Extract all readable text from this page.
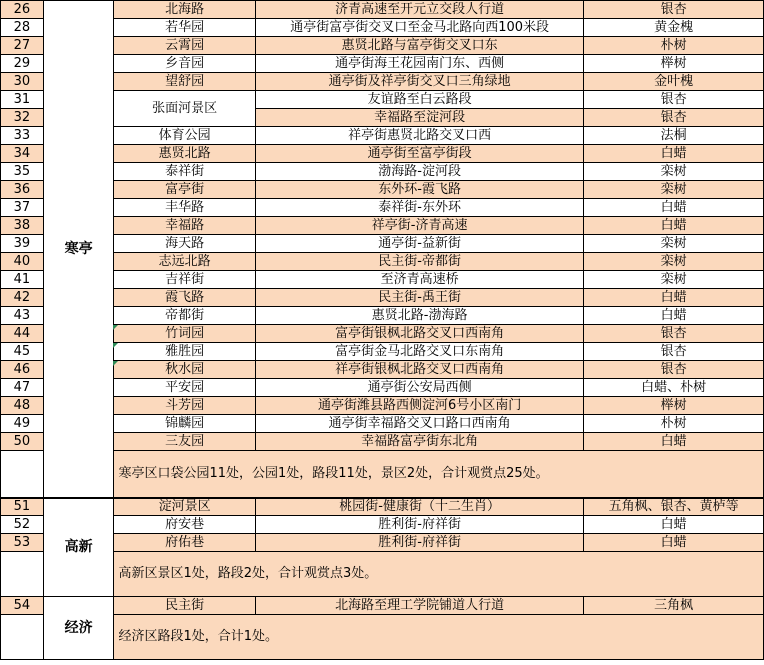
26	寒亭	北海路	济青高速至开元立交段人行道	银杏
28		若华园	通亭街富亭街交叉口至金马北路向西100米段	黄金槐
27		云霄园	惠贤北路与富亭街交叉口东	朴树
29		乡音园	通亭街海王花园南门东、西侧	榉树
30		望舒园	通亭街及祥亭街交叉口三角绿地	金叶槐
31		张面河景区	友谊路至白云路段	银杏
32			幸福路至淀河段	银杏
33		体育公园	祥亭街惠贤北路交叉口西	法桐
34		惠贤北路	通亭街至富亭街段	白蜡
35		泰祥街	渤海路-淀河段	栾树
36		富亭街	东外环-霞飞路	栾树
37		丰华路	泰祥街-东外环	白蜡
38		幸福路	祥亭街-济青高速	白蜡
39		海天路	通亭街-益新街	栾树
40		志远北路	民主街-帝都街	栾树
41		吉祥街	至济青高速桥	栾树
42		霞飞路	民主街-禹王街	白蜡
43		帝都街	惠贤北路-渤海路	白蜡
44		竹词园	富亭街银枫北路交叉口西南角	银杏
45		雅胜园	富亭街金马北路交叉口东南角	银杏
46		秋水园	祥亭街银枫北路交叉口西南角	银杏
47		平安园	通亭街公安局西侧	白蜡、朴树
48		斗芳园	通亭街潍县路西侧淀河6号小区南门	榉树
49		锦麟园	通亭街幸福路交叉口路口西南角	朴树
50		三友园	幸福路富亭街东北角	白蜡
		寒亭区口袋公园11处，公园1处，路段11处，景区2处，合计观赏点25处。		
51	高新	淀河景区	桃园街-健康街（十二生肖）	五角枫、银杏、黄栌等
52		府安巷	胜利街-府祥街	白蜡
53		府佑巷	胜利街-府祥街	白蜡
		高新区景区1处，路段2处，合计观赏点3处。		
54	经济	民主街	北海路至理工学院铺道人行道	三角枫
		经济区路段1处，合计1处。		
